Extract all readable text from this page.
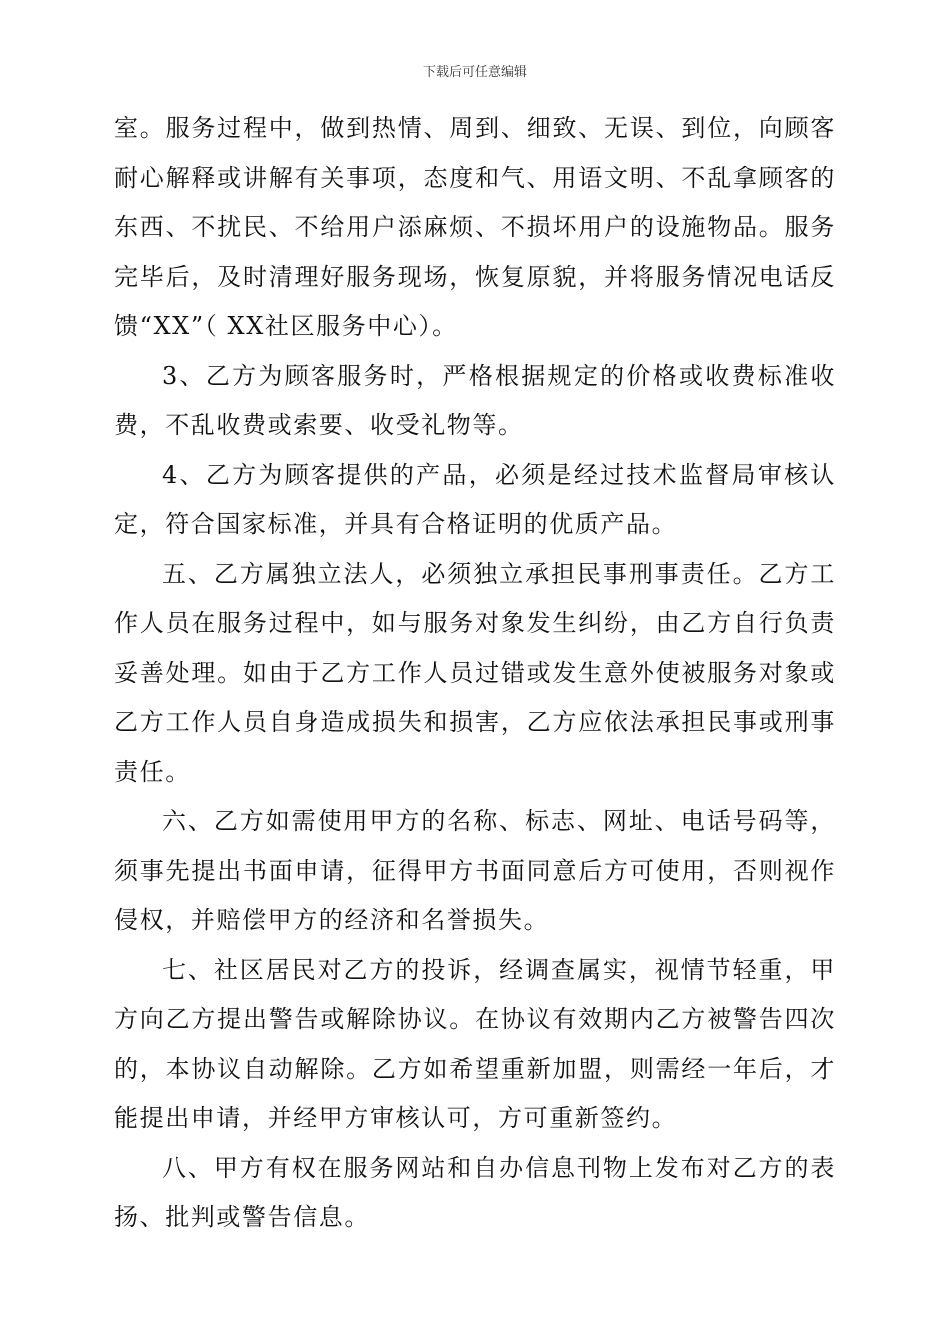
下载后可任意编辑

室。服务过程中，做到热情、周到、细致、无误、到位，向顾客耐心解释或讲解有关事项，态度和气、用语文明、不乱拿顾客的东西、不扰民、不给用户添麻烦、不损坏用户的设施物品。服务完毕后，及时清理好服务现场，恢复原貌，并将服务情况电话反馈“XX”（ XX社区服务中心）。

3、乙方为顾客服务时，严格根据规定的价格或收费标准收费，不乱收费或索要、收受礼物等。

4、乙方为顾客提供的产品，必须是经过技术监督局审核认定，符合国家标准，并具有合格证明的优质产品。

五、乙方属独立法人，必须独立承担民事刑事责任。乙方工作人员在服务过程中，如与服务对象发生纠纷，由乙方自行负责妥善处理。如由于乙方工作人员过错或发生意外使被服务对象或乙方工作人员自身造成损失和损害，乙方应依法承担民事或刑事责任。

六、乙方如需使用甲方的名称、标志、网址、电话号码等，须事先提出书面申请，征得甲方书面同意后方可使用，否则视作侵权，并赔偿甲方的经济和名誉损失。

七、社区居民对乙方的投诉，经调查属实，视情节轻重，甲方向乙方提出警告或解除协议。在协议有效期内乙方被警告四次的，本协议自动解除。乙方如希望重新加盟，则需经一年后，才能提出申请，并经甲方审核认可，方可重新签约。

八、甲方有权在服务网站和自办信息刊物上发布对乙方的表扬、批判或警告信息。
